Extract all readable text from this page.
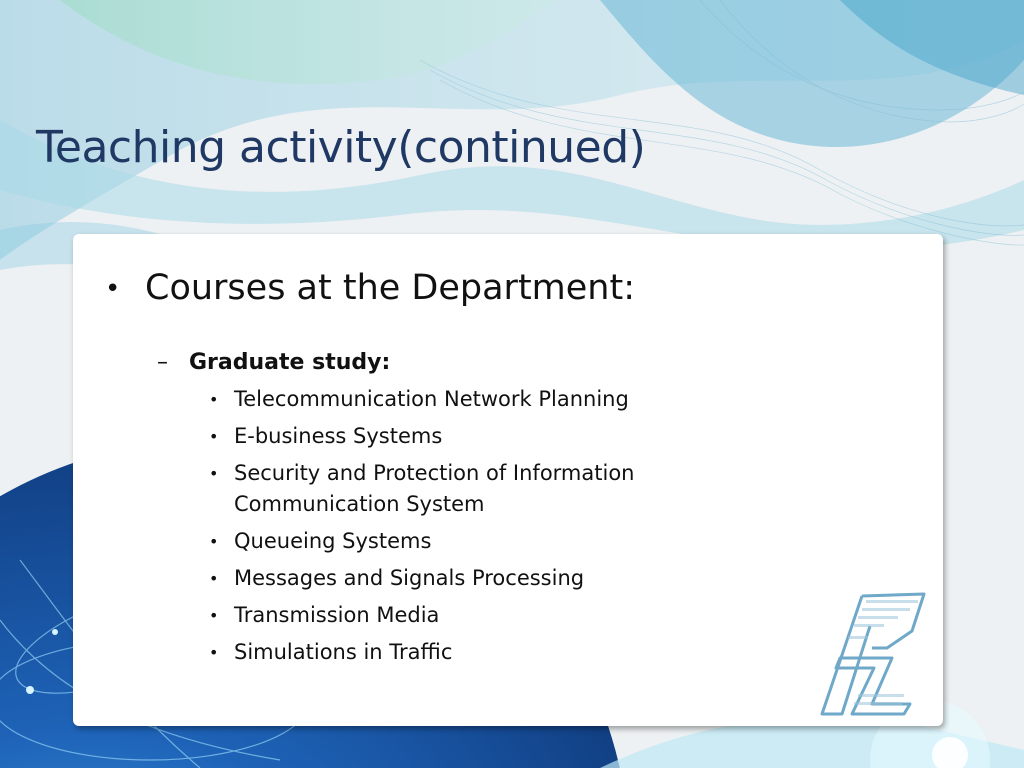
Teaching activity(continued)
• Courses at the Department:
– Graduate study:
• Telecommunication Network Planning
• E-business Systems
• Security and Protection of Information Communication System
• Queueing Systems
• Messages and Signals Processing
• Transmission Media
• Simulations in Traffic
